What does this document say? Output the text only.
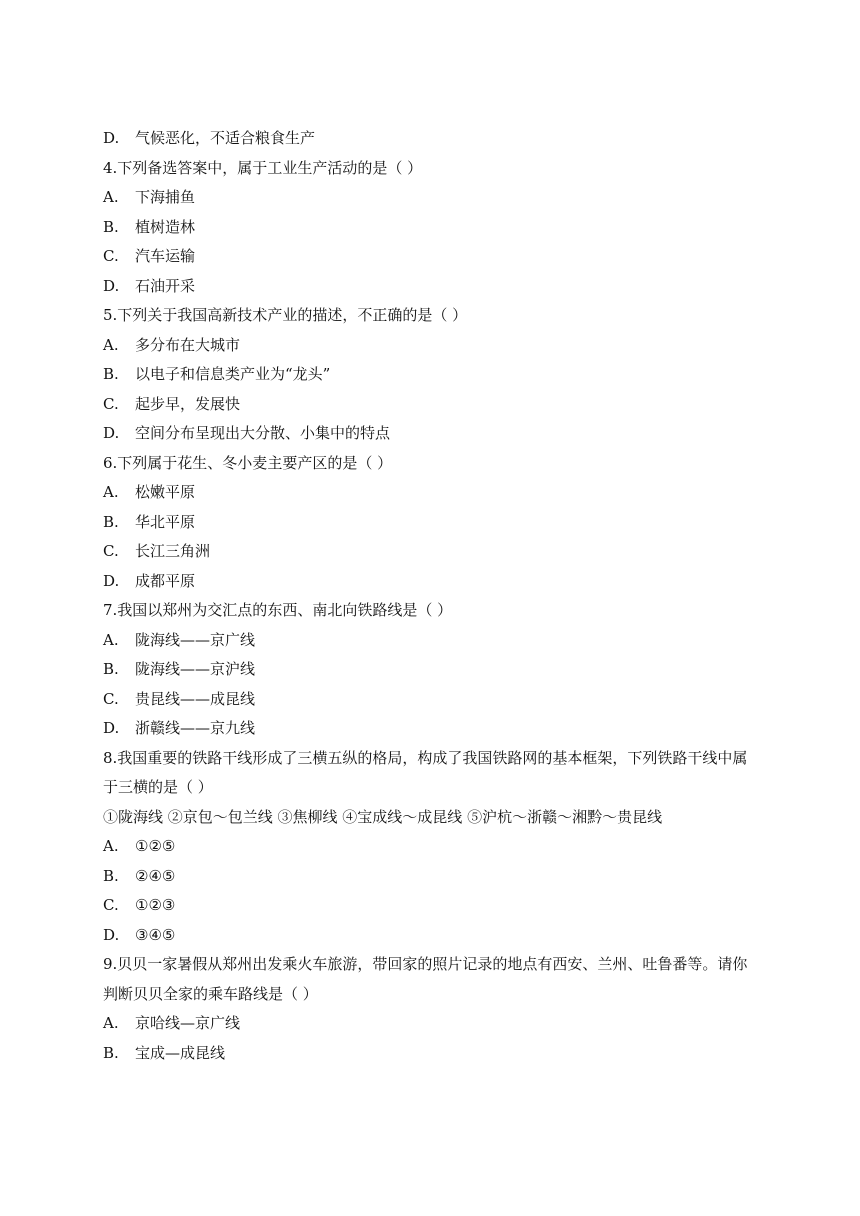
D. 气候恶化，不适合粮食生产
4.下列备选答案中，属于工业生产活动的是（ ）
A. 下海捕鱼
B. 植树造林
C. 汽车运输
D. 石油开采
5.下列关于我国高新技术产业的描述，不正确的是（ ）
A. 多分布在大城市
B. 以电子和信息类产业为“龙头”
C. 起步早，发展快
D. 空间分布呈现出大分散、小集中的特点
6.下列属于花生、冬小麦主要产区的是（ ）
A. 松嫩平原
B. 华北平原
C. 长江三角洲
D. 成都平原
7.我国以郑州为交汇点的东西、南北向铁路线是（ ）
A. 陇海线——京广线
B. 陇海线——京沪线
C. 贵昆线——成昆线
D. 浙赣线——京九线
8.我国重要的铁路干线形成了三横五纵的格局，构成了我国铁路网的基本框架，下列铁路干线中属
于三横的是（ ）
①陇海线 ②京包～包兰线 ③焦柳线 ④宝成线～成昆线 ⑤沪杭～浙赣～湘黔～贵昆线
A. ①②⑤
B. ②④⑤
C. ①②③
D. ③④⑤
9.贝贝一家暑假从郑州出发乘火车旅游，带回家的照片记录的地点有西安、兰州、吐鲁番等。请你
判断贝贝全家的乘车路线是（ ）
A. 京哈线—京广线
B. 宝成—成昆线
